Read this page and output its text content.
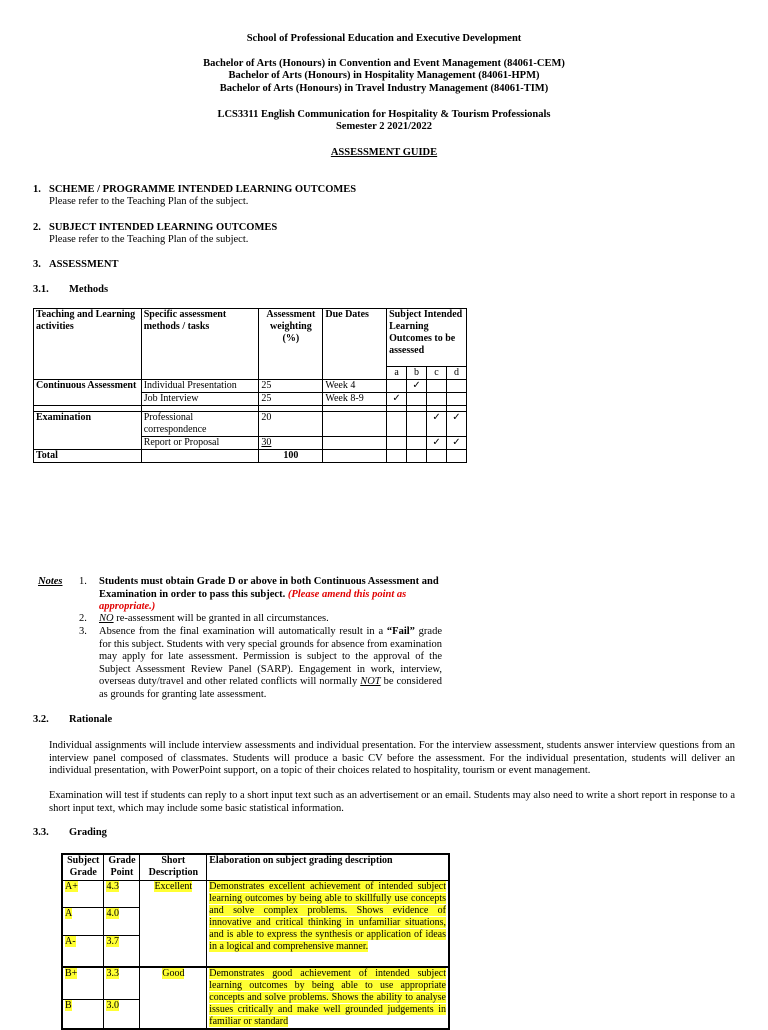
School of Professional Education and Executive Development
Bachelor of Arts (Honours) in Convention and Event Management (84061-CEM)
Bachelor of Arts (Honours) in Hospitality Management (84061-HPM)
Bachelor of Arts (Honours) in Travel Industry Management (84061-TIM)
LCS3311 English Communication for Hospitality & Tourism Professionals
Semester 2 2021/2022
ASSESSMENT GUIDE
1. SCHEME / PROGRAMME INTENDED LEARNING OUTCOMES
Please refer to the Teaching Plan of the subject.
2. SUBJECT INTENDED LEARNING OUTCOMES
Please refer to the Teaching Plan of the subject.
3. ASSESSMENT
3.1. Methods
Teaching and Learning activities	Specific assessment methods / tasks	Assessment weighting (%)	Due Dates	Subject Intended Learning Outcomes to be assessed			
				a	b	c	d
Continuous Assessment	Individual Presentation	25	Week 4		✓		
	Job Interview	25	Week 8-9	✓			

Examination	Professional correspondence	20				✓	✓
	Report or Proposal	30				✓	✓
Total		100					
Notes 1. Students must obtain Grade D or above in both Continuous Assessment and Examination in order to pass this subject. (Please amend this point as appropriate.)
2. NO re-assessment will be granted in all circumstances.
3. Absence from the final examination will automatically result in a “Fail” grade for this subject. Students with very special grounds for absence from examination may apply for late assessment. Permission is subject to the approval of the Subject Assessment Review Panel (SARP). Engagement in work, interview, overseas duty/travel and other related conflicts will normally NOT be considered as grounds for granting late assessment.
3.2. Rationale
Individual assignments will include interview assessments and individual presentation. For the interview assessment, students answer interview questions from an interview panel composed of classmates. Students will produce a basic CV before the assessment. For the individual presentation, students will deliver an individual presentation, with PowerPoint support, on a topic of their choices related to hospitality, tourism or event management.
Examination will test if students can reply to a short input text such as an advertisement or an email. Students may also need to write a short report in response to a short input text, which may include some basic statistical information.
3.3. Grading
Subject Grade	Grade Point	Short Description	Elaboration on subject grading description
A+	4.3	Excellent	Demonstrates excellent achievement of intended subject learning outcomes by being able to skillfully use concepts and solve complex problems. Shows evidence of innovative and critical thinking in unfamiliar situations, and is able to express the synthesis or application of ideas in a logical and comprehensive manner.
A	4.0		
A-	3.7		
B+	3.3	Good	Demonstrates good achievement of intended subject learning outcomes by being able to use appropriate concepts and solve problems. Shows the ability to analyse issues critically and make well grounded judgements in familiar or standard
B	3.0		
